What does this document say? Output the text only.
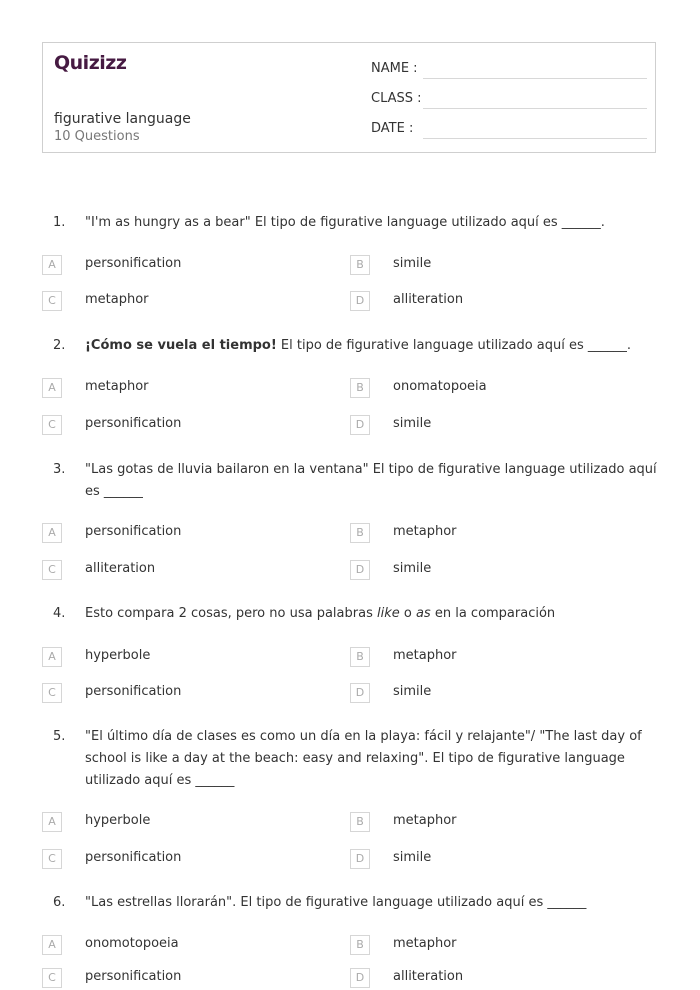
Quizizz
figurative language
10 Questions
NAME :
CLASS :
DATE :
1. "I'm as hungry as a bear" El tipo de figurative language utilizado aquí es ______.
A	personification	B	simile
C	metaphor	D	alliteration
2. ¡Cómo se vuela el tiempo! El tipo de figurative language utilizado aquí es ______.
A	metaphor	B	onomatopoeia
C	personification	D	simile
3. "Las gotas de lluvia bailaron en la ventana" El tipo de figurative language utilizado aquí es ______
A	personification	B	metaphor
C	alliteration	D	simile
4. Esto compara 2 cosas, pero no usa palabras like o as en la comparación
A	hyperbole	B	metaphor
C	personification	D	simile
5. "El último día de clases es como un día en la playa: fácil y relajante"/ "The last day of school is like a day at the beach: easy and relaxing". El tipo de figurative language utilizado aquí es ______
A	hyperbole	B	metaphor
C	personification	D	simile
6. "Las estrellas llorarán". El tipo de figurative language utilizado aquí es ______
A	onomotopoeia	B	metaphor
C	personification	D	alliteration
